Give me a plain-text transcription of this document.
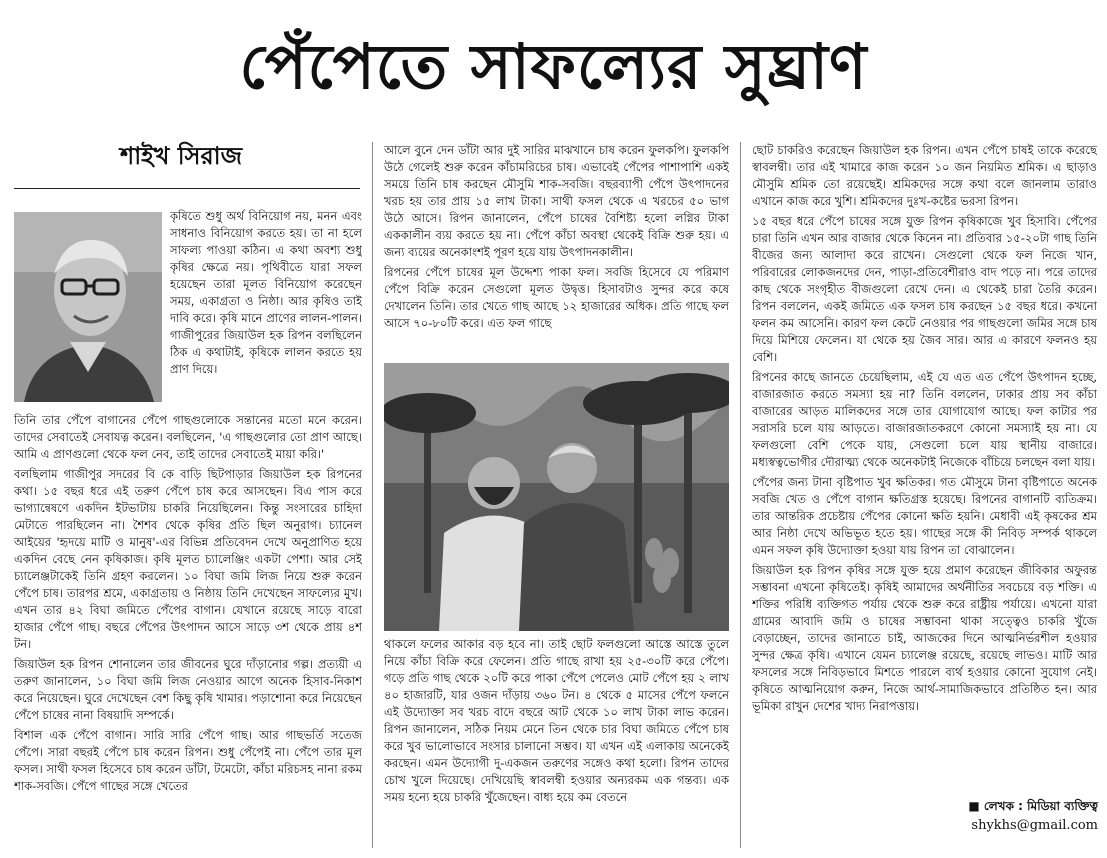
পেঁপেতে সাফল্যের সুঘ্রাণ
শাইখ সিরাজ

কৃষিতে শুধু অর্থ বিনিয়োগ নয়, মনন এবং সাধনাও বিনিয়োগ করতে হয়। তা না হলে সাফল্য পাওয়া কঠিন। এ কথা অবশ্য শুধু কৃষির ক্ষেত্রে নয়। পৃথিবীতে যারা সফল হয়েছেন তারা মূলত বিনিয়োগ করেছেন সময়, একাগ্রতা ও নিষ্ঠা। আর কৃষিও তাই দাবি করে। কৃষি মানে প্রাণের লালন-পালন। গাজীপুরের জিয়াউল হক রিপন বলছিলেন ঠিক এ কথাটাই, কৃষিকে লালন করতে হয় প্রাণ দিয়ে।

তিনি তার পেঁপে বাগানের পেঁপে গাছগুলোকে সন্তানের মতো মনে করেন। তাদের সেবাতেই সেবাযত্ন করেন। বলছিলেন, 'এ গাছগুলোর তো প্রাণ আছে। আমি এ প্রাণগুলো থেকে ফল নেব, তাই তাদের সেবাতেই মায়া করি।'

বলছিলাম গাজীপুর সদরের বি কে বাড়ি ছিটপাড়ার জিয়াউল হক রিপনের কথা। ১৫ বছর ধরে এই তরুণ পেঁপে চাষ করে আসছেন। বিএ পাস করে ভাগ্যান্বেষণে একদিন ইটভাটায় চাকরি নিয়েছিলেন। কিন্তু সংসারের চাহিদা মেটাতে পারছিলেন না। শৈশব থেকে কৃষির প্রতি ছিল অনুরাগ। চ্যানেল আইয়ের 'হৃদয়ে মাটি ও মানুষ'-এর বিভিন্ন প্রতিবেদন দেখে অনুপ্রাণিত হয়ে একদিন বেছে নেন কৃষিকাজ। কৃষি মূলত চ্যালেঞ্জিং একটা পেশা। আর সেই চ্যালেঞ্জটাকেই তিনি গ্রহণ করলেন। ১০ বিঘা জমি লিজ নিয়ে শুরু করেন পেঁপে চাষ। তারপর শ্রমে, একাগ্রতায় ও নিষ্ঠায় তিনি দেখেছেন সাফল্যের মুখ। এখন তার ৪২ বিঘা জমিতে পেঁপের বাগান। যেখানে রয়েছে সাড়ে বারো হাজার পেঁপে গাছ। বছরে পেঁপের উৎপাদন আসে সাড়ে ৩শ থেকে প্রায় ৪শ টন।

জিয়াউল হক রিপন শোনালেন তার জীবনের ঘুরে দাঁড়ানোর গল্প। প্রত্যয়ী এ তরুণ জানালেন, ১০ বিঘা জমি লিজ নেওয়ার আগে অনেক হিসাব-নিকাশ করে নিয়েছেন। ঘুরে দেখেছেন বেশ কিছু কৃষি খামার। পড়াশোনা করে নিয়েছেন পেঁপে চাষের নানা বিষয়াদি সম্পর্কে।

বিশাল এক পেঁপে বাগান। সারি সারি পেঁপে গাছ। আর গাছভর্তি সতেজ পেঁপে। সারা বছরই পেঁপে চাষ করেন রিপন। শুধু পেঁপেই না। পেঁপে তার মূল ফসল। সাথী ফসল হিসেবে চাষ করেন ডাঁটা, টমেটো, কাঁচা মরিচসহ নানা রকম শাক-সবজি। পেঁপে গাছের সঙ্গে খেতের

আলে বুনে দেন ডাঁটা আর দুই সারির মাঝখানে চাষ করেন ফুলকপি। ফুলকপি উঠে গেলেই শুরু করেন কাঁচামরিচের চাষ। এভাবেই পেঁপের পাশাপাশি একই সময়ে তিনি চাষ করছেন মৌসুমি শাক-সবজি। বছরব্যাপী পেঁপে উৎপাদনের খরচ হয় তার প্রায় ১৫ লাখ টাকা। সাথী ফসল থেকে এ খরচের ৫০ ভাগ উঠে আসে। রিপন জানালেন, পেঁপে চাষের বৈশিষ্ট্য হলো লগ্নির টাকা এককালীন ব্যয় করতে হয় না। পেঁপে কাঁচা অবস্থা থেকেই বিক্রি শুরু হয়। এ জন্য ব্যয়ের অনেকাংশই পূরণ হয়ে যায় উৎপাদনকালীন।

রিপনের পেঁপে চাষের মূল উদ্দেশ্য পাকা ফল। সবজি হিসেবে যে পরিমাণ পেঁপে বিক্রি করেন সেগুলো মূলত উদ্বৃত্ত। হিসাবটাও সুন্দর করে কষে দেখালেন তিনি। তার খেতে গাছ আছে ১২ হাজারের অধিক। প্রতি গাছে ফল আসে ৭০-৮০টি করে। এত ফল গাছে

থাকলে ফলের আকার বড় হবে না। তাই ছোট ফলগুলো আস্তে আস্তে তুলে নিয়ে কাঁচা বিক্রি করে ফেলেন। প্রতি গাছে রাখা হয় ২৫-৩০টি করে পেঁপে। গড়ে প্রতি গাছ থেকে ২০টি করে পাকা পেঁপে পেলেও মোট পেঁপে হয় ২ লাখ ৪০ হাজারটি, যার ওজন দাঁড়ায় ৩৬০ টন। ৪ থেকে ৫ মাসের পেঁপে ফলনে এই উদ্যোক্তা সব খরচ বাদে বছরে আট থেকে ১০ লাখ টাকা লাভ করেন। রিপন জানালেন, সঠিক নিয়ম মেনে তিন থেকে চার বিঘা জমিতে পেঁপে চাষ করে খুব ভালোভাবে সংসার চালানো সম্ভব। যা এখন এই এলাকায় অনেকেই করছেন। এমন উদ্যোগী দু-একজন তরুণের সঙ্গেও কথা হলো। রিপন তাদের চোখ খুলে দিয়েছে। দেখিয়েছি স্বাবলম্বী হওয়ার অন্যরকম এক গন্তব্য। এক সময় হন্যে হয়ে চাকরি খুঁজেছেন। বাধ্য হয়ে কম বেতনে

ছোট চাকরিও করেছেন জিয়াউল হক রিপন। এখন পেঁপে চাষই তাকে করেছে স্বাবলম্বী। তার এই খামারে কাজ করেন ১০ জন নিয়মিত শ্রমিক। এ ছাড়াও মৌসুমি শ্রমিক তো রয়েছেই। শ্রমিকদের সঙ্গে কথা বলে জানলাম তারাও এখানে কাজ করে খুশি। শ্রমিকদের দুঃখ-কষ্টের ভরসা রিপন।

১৫ বছর ধরে পেঁপে চাষের সঙ্গে যুক্ত রিপন কৃষিকাজে খুব হিসাবি। পেঁপের চারা তিনি এখন আর বাজার থেকে কিনেন না। প্রতিবার ১৫-২০টা গাছ তিনি বীজের জন্য আলাদা করে রাখেন। সেগুলো থেকে ফল নিজে খান, পরিবারের লোকজনদের দেন, পাড়া-প্রতিবেশীরাও বাদ পড়ে না। পরে তাদের কাছ থেকে সংগৃহীত বীজগুলো রেখে দেন। এ থেকেই চারা তৈরি করেন। রিপন বললেন, একই জমিতে এক ফসল চাষ করছেন ১৫ বছর ধরে। কখনো ফলন কম আসেনি। কারণ ফল কেটে নেওয়ার পর গাছগুলো জমির সঙ্গে চাষ দিয়ে মিশিয়ে ফেলেন। যা থেকে হয় জৈব সার। আর এ কারণে ফলনও হয় বেশি।

রিপনের কাছে জানতে চেয়েছিলাম, এই যে এত এত পেঁপে উৎপাদন হচ্ছে, বাজারজাত করতে সমস্যা হয় না? তিনি বললেন, ঢাকার প্রায় সব কাঁচা বাজারের আড়ত মালিকদের সঙ্গে তার যোগাযোগ আছে। ফল কাটার পর সরাসরি চলে যায় আড়তে। বাজারজাতকরণে কোনো সমস্যাই হয় না। যে ফলগুলো বেশি পেকে যায়, সেগুলো চলে যায় স্থানীয় বাজারে। মধ্যস্বত্বভোগীর দৌরাত্ম্য থেকে অনেকটাই নিজেকে বাঁচিয়ে চলছেন বলা যায়।

পেঁপের জন্য টানা বৃষ্টিপাত খুব ক্ষতিকর। গত মৌসুমে টানা বৃষ্টিপাতে অনেক সবজি খেত ও পেঁপে বাগান ক্ষতিগ্রস্ত হয়েছে। রিপনের বাগানটি ব্যতিক্রম। তার আন্তরিক প্রচেষ্টায় পেঁপের কোনো ক্ষতি হয়নি। মেধাবী এই কৃষকের শ্রম আর নিষ্ঠা দেখে অভিভূত হতে হয়। গাছের সঙ্গে কী নিবিড় সম্পর্ক থাকলে এমন সফল কৃষি উদ্যোক্তা হওয়া যায় রিপন তা বোঝালেন।

জিয়াউল হক রিপন কৃষির সঙ্গে যুক্ত হয়ে প্রমাণ করেছেন জীবিকার অফুরন্ত সম্ভাবনা এখনো কৃষিতেই। কৃষিই আমাদের অর্থনীতির সবচেয়ে বড় শক্তি। এ শক্তির পরিধি ব্যক্তিগত পর্যায় থেকে শুরু করে রাষ্ট্রীয় পর্যায়ে। এখনো যারা গ্রামের আবাদি জমি ও চাষের সম্ভাবনা থাকা সত্ত্বেও চাকরি খুঁজে বেড়াচ্ছেন, তাদের জানাতে চাই, আজকের দিনে আত্মনির্ভরশীল হওয়ার সুন্দর ক্ষেত্র কৃষি। এখানে যেমন চ্যালেঞ্জ রয়েছে, রয়েছে লাভও। মাটি আর ফসলের সঙ্গে নিবিড়ভাবে মিশতে পারলে ব্যর্থ হওয়ার কোনো সুযোগ নেই। কৃষিতে আত্মনিয়োগ করুন, নিজে আর্থ-সামাজিকভাবে প্রতিষ্ঠিত হন। আর ভূমিকা রাখুন দেশের খাদ্য নিরাপত্তায়।

■ লেখক : মিডিয়া ব্যক্তিত্ব
shykhs@gmail.com
